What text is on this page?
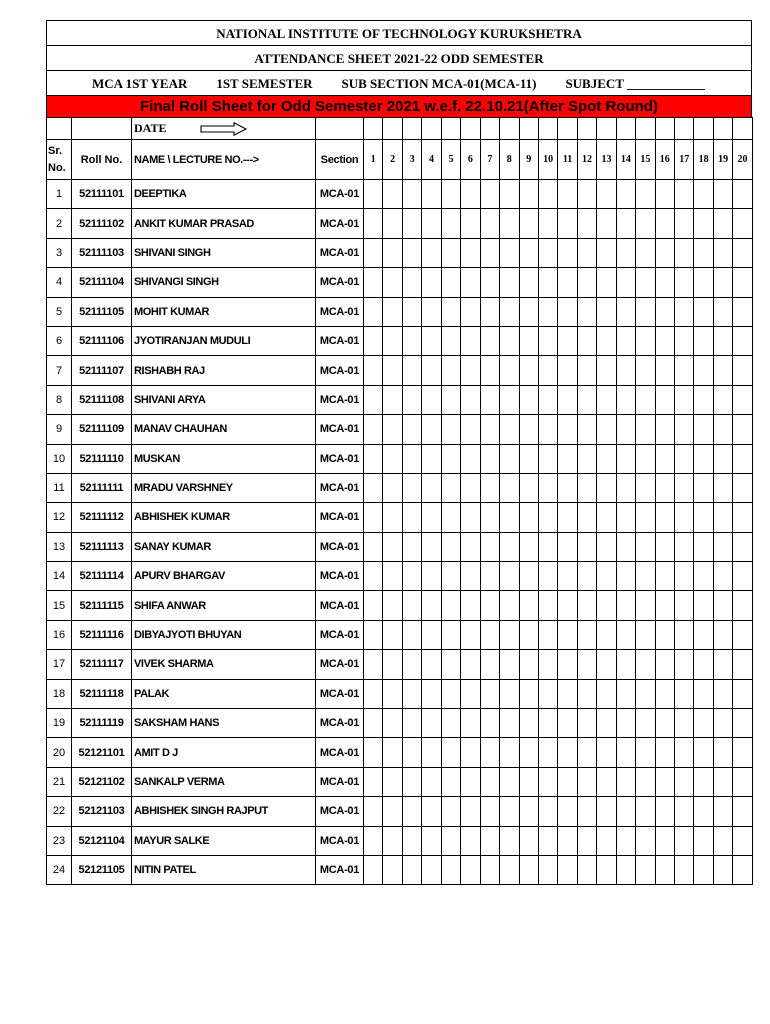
NATIONAL INSTITUTE OF TECHNOLOGY KURUKSHETRA
ATTENDANCE SHEET 2021-22 ODD SEMESTER
MCA 1ST YEAR 1ST SEMESTER SUB SECTION MCA-01(MCA-11) SUBJECT ____________
Final Roll Sheet for Odd Semester 2021 w.e.f. 22.10.21(After Spot Round)
		DATE																					
Sr. No.	Roll No.	NAME \ LECTURE NO.--->	Section	1	2	3	4	5	6	7	8	9	10	11	12	13	14	15	16	17	18	19	20
1	52111101	DEEPTIKA	MCA-01																				
2	52111102	ANKIT KUMAR PRASAD	MCA-01																				
3	52111103	SHIVANI SINGH	MCA-01																				
4	52111104	SHIVANGI SINGH	MCA-01																				
5	52111105	MOHIT KUMAR	MCA-01																				
6	52111106	JYOTIRANJAN MUDULI	MCA-01																				
7	52111107	RISHABH RAJ	MCA-01																				
8	52111108	SHIVANI ARYA	MCA-01																				
9	52111109	MANAV CHAUHAN	MCA-01																				
10	52111110	MUSKAN	MCA-01																				
11	52111111	MRADU VARSHNEY	MCA-01																				
12	52111112	ABHISHEK KUMAR	MCA-01																				
13	52111113	SANAY KUMAR	MCA-01																				
14	52111114	APURV BHARGAV	MCA-01																				
15	52111115	SHIFA ANWAR	MCA-01																				
16	52111116	DIBYAJYOTI BHUYAN	MCA-01																				
17	52111117	VIVEK SHARMA	MCA-01																				
18	52111118	PALAK	MCA-01																				
19	52111119	SAKSHAM HANS	MCA-01																				
20	52121101	AMIT D J	MCA-01																				
21	52121102	SANKALP VERMA	MCA-01																				
22	52121103	ABHISHEK SINGH RAJPUT	MCA-01																				
23	52121104	MAYUR SALKE	MCA-01																				
24	52121105	NITIN PATEL	MCA-01																				
